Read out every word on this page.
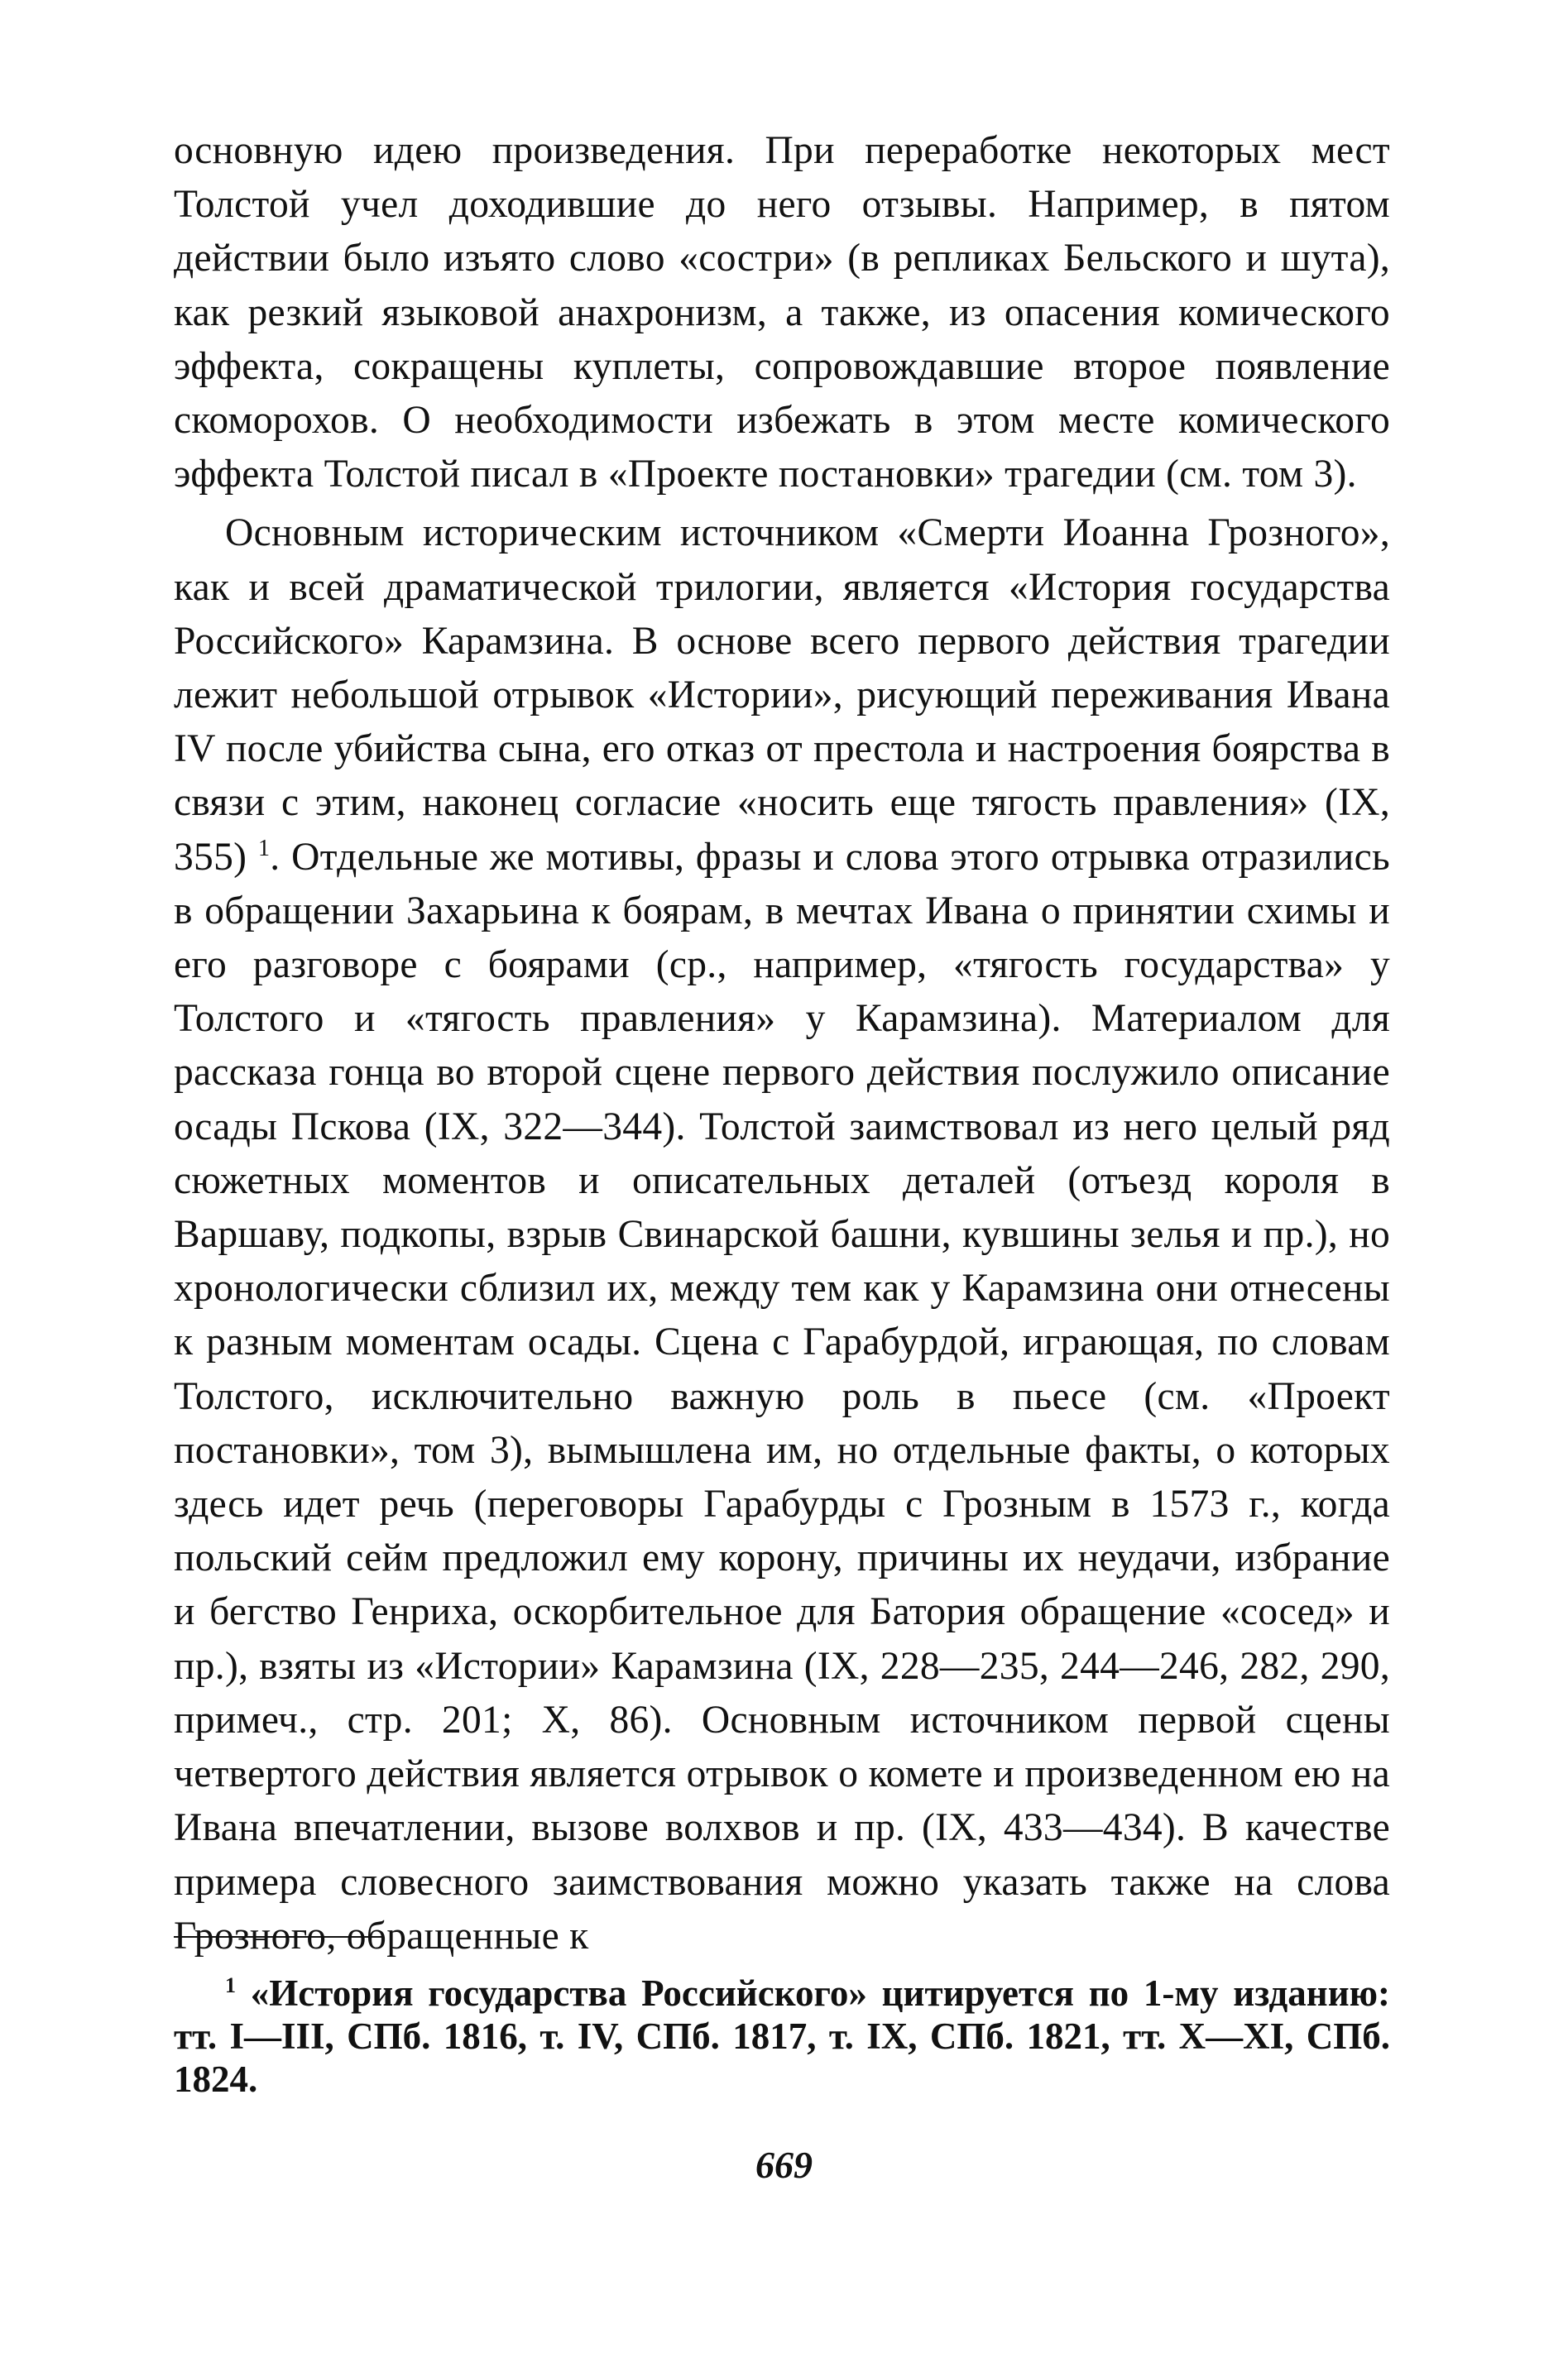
основную идею произведения. При переработке некоторых мест Толстой учел доходившие до него отзывы. Например, в пятом действии было изъято слово «состри» (в репликах Бельского и шута), как резкий языковой анахронизм, а также, из опасения комического эффекта, сокращены куплеты, сопровождавшие второе появление скоморохов. О необходимости избежать в этом месте комического эффекта Толстой писал в «Проекте постановки» трагедии (см. том 3).

Основным историческим источником «Смерти Иоанна Грозного», как и всей драматической трилогии, является «История государства Российского» Карамзина. В основе всего первого действия трагедии лежит небольшой отрывок «Истории», рисующий переживания Ивана IV после убийства сына, его отказ от престола и настроения боярства в связи с этим, наконец согласие «носить еще тягость правления» (IX, 355) $^1$. Отдельные же мотивы, фразы и слова этого отрывка отразились в обращении Захарьина к боярам, в мечтах Ивана о принятии схимы и его разговоре с боярами (ср., например, «тягость государства» у Толстого и «тягость правления» у Карамзина). Материалом для рассказа гонца во второй сцене первого действия послужило описание осады Пскова (IX, 322—344). Толстой заимствовал из него целый ряд сюжетных моментов и описательных деталей (отъезд короля в Варшаву, подкопы, взрыв Свинарской башни, кувшины зелья и пр.), но хронологически сблизил их, между тем как у Карамзина они отнесены к разным моментам осады. Сцена с Гарабурдой, играющая, по словам Толстого, исключительно важную роль в пьесе (см. «Проект постановки», том 3), вымышлена им, но отдельные факты, о которых здесь идет речь (переговоры Гарабурды с Грозным в 1573 г., когда польский сейм предложил ему корону, причины их неудачи, избрание и бегство Генриха, оскорбительное для Батория обращение «сосед» и пр.), взяты из «Истории» Карамзина (IX, 228—235, 244—246, 282, 290, примеч., стр. 201; X, 86). Основным источником первой сцены четвертого действия является отрывок о комете и произведенном ею на Ивана впечатлении, вызове волхвов и пр. (IX, 433—434). В качестве примера словесного заимствования можно указать также на слова Грозного, обращенные к

$^1$ «История государства Российского» цитируется по 1-му изданию: тт. I—III, СПб. 1816, т. IV, СПб. 1817, т. IX, СПб. 1821, тт. X—XI, СПб. 1824.

669
